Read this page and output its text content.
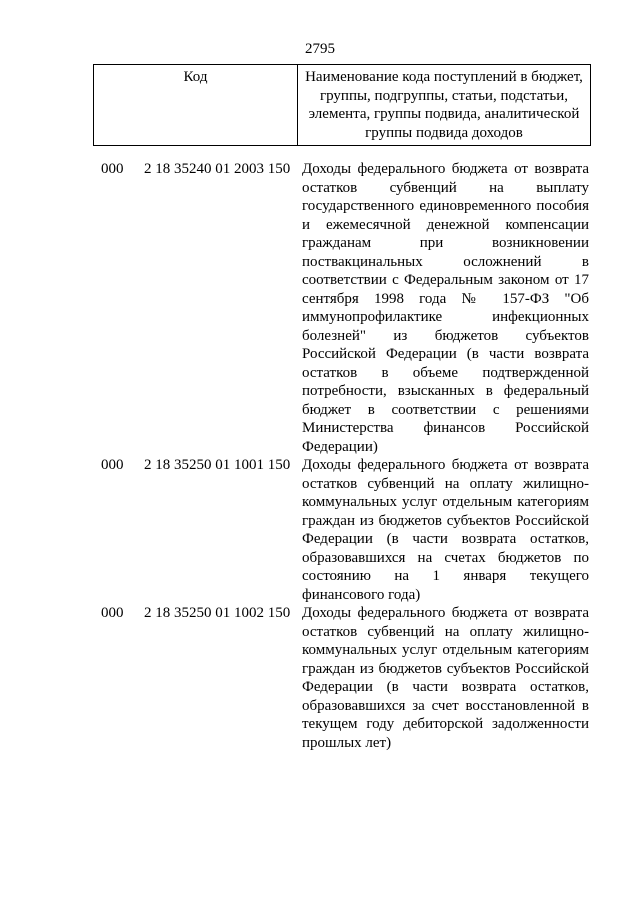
2795
Код	Наименование кода поступлений в бюджет, группы, подгруппы, статьи, подстатьи, элемента, группы подвида, аналитической группы подвида доходов
000 2 18 35240 01 2003 150 Доходы федерального бюджета от возврата остатков субвенций на выплату государственного единовременного пособия и ежемесячной денежной компенсации гражданам при возникновении поствакцинальных осложнений в соответствии с Федеральным законом от 17 сентября 1998 года № 157-ФЗ "Об иммунопрофилактике инфекционных болезней" из бюджетов субъектов Российской Федерации (в части возврата остатков в объеме подтвержденной потребности, взысканных в федеральный бюджет в соответствии с решениями Министерства финансов Российской Федерации)
000 2 18 35250 01 1001 150 Доходы федерального бюджета от возврата остатков субвенций на оплату жилищно-коммунальных услуг отдельным категориям граждан из бюджетов субъектов Российской Федерации (в части возврата остатков, образовавшихся на счетах бюджетов по состоянию на 1 января текущего финансового года)
000 2 18 35250 01 1002 150 Доходы федерального бюджета от возврата остатков субвенций на оплату жилищно-коммунальных услуг отдельным категориям граждан из бюджетов субъектов Российской Федерации (в части возврата остатков, образовавшихся за счет восстановленной в текущем году дебиторской задолженности прошлых лет)
